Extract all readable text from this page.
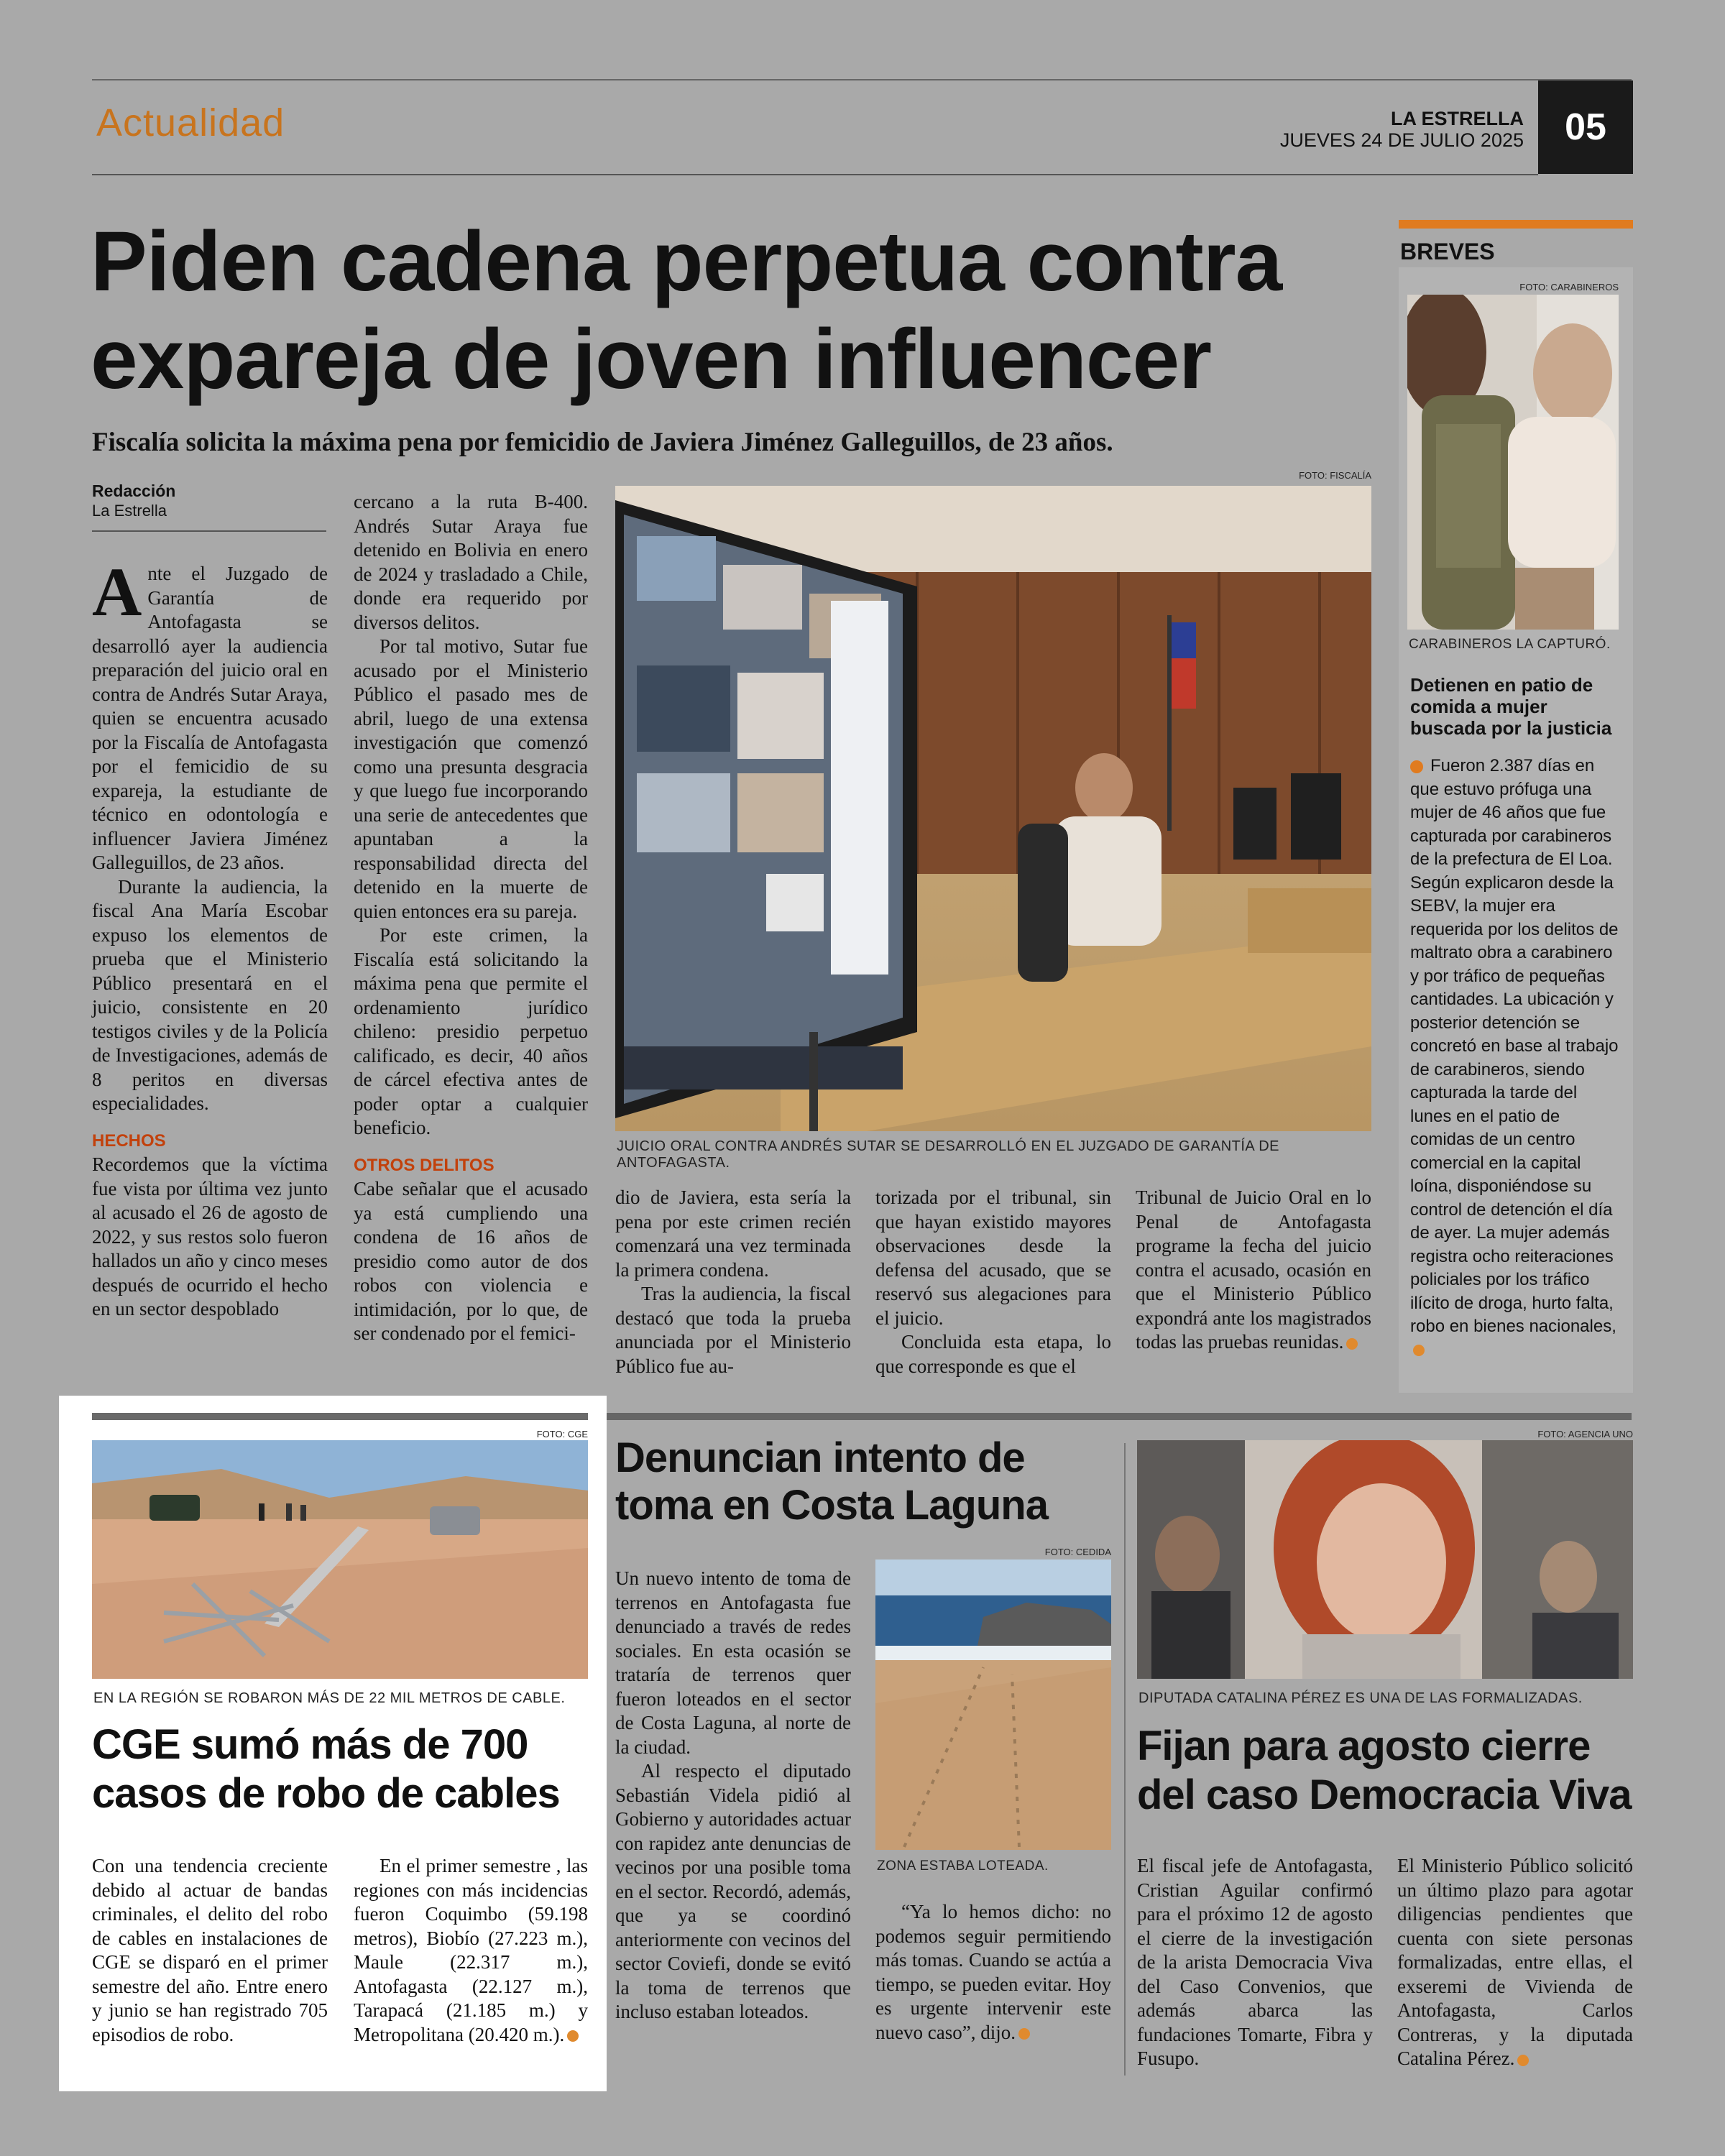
Actualidad	LA ESTRELLA
JUEVES 24 DE JULIO 2025 05
Piden cadena perpetua contra
expareja de joven influencer
Fiscalía solicita la máxima pena por femicidio de Javiera Jiménez Galleguillos, de 23 años.
Redacción
La Estrella

Ante el Juzgado de Garantía de Antofagasta se desarrolló ayer la audiencia preparación del juicio oral en contra de Andrés Sutar Araya, quien se encuentra acusado por la Fiscalía de Antofagasta por el femicidio de su expareja, la estudiante de técnico en odontología e influencer Javiera Jiménez Galleguillos, de 23 años.

Durante la audiencia, la fiscal Ana María Escobar expuso los elementos de prueba que el Ministerio Público presentará en el juicio, consistente en 20 testigos civiles y de la Policía de Investigaciones, además de 8 peritos en diversas especialidades.

HECHOS

Recordemos que la víctima fue vista por última vez junto al acusado el 26 de agosto de 2022, y sus restos solo fueron hallados un año y cinco meses después de ocurrido el hecho en un sector despoblado

cercano a la ruta B-400. Andrés Sutar Araya fue detenido en Bolivia en enero de 2024 y trasladado a Chile, donde era requerido por diversos delitos.

Por tal motivo, Sutar fue acusado por el Ministerio Público el pasado mes de abril, luego de una extensa investigación que comenzó como una presunta desgracia y que luego fue incorporando una serie de antecedentes que apuntaban a la responsabilidad directa del detenido en la muerte de quien entonces era su pareja.

Por este crimen, la Fiscalía está solicitando la máxima pena que permite el ordenamiento jurídico chileno: presidio perpetuo calificado, es decir, 40 años de cárcel efectiva antes de poder optar a cualquier beneficio.

OTROS DELITOS

Cabe señalar que el acusado ya está cumpliendo una condena de 16 años de presidio como autor de dos robos con violencia e intimidación, por lo que, de ser condenado por el femici-

FOTO: FISCALÍA
JUICIO ORAL CONTRA ANDRÉS SUTAR SE DESARROLLÓ EN EL JUZGADO DE GARANTÍA DE ANTOFAGASTA.

dio de Javiera, esta sería la pena por este crimen recién comenzará una vez terminada la primera condena.

Tras la audiencia, la fiscal destacó que toda la prueba anunciada por el Ministerio Público fue au-

torizada por el tribunal, sin que hayan existido mayores observaciones desde la defensa del acusado, que se reservó sus alegaciones para el juicio.

Concluida esta etapa, lo que corresponde es que el

Tribunal de Juicio Oral en lo Penal de Antofagasta programe la fecha del juicio contra el acusado, ocasión en que el Ministerio Público expondrá ante los magistrados todas las pruebas reunidas.

BREVES
FOTO: CARABINEROS
CARABINEROS LA CAPTURÓ.
Detienen en patio de comida a mujer buscada por la justicia
Fueron 2.387 días en que estuvo prófuga una mujer de 46 años que fue capturada por carabineros de la prefectura de El Loa. Según explicaron desde la SEBV, la mujer era requerida por los delitos de maltrato obra a carabinero y por tráfico de pequeñas cantidades. La ubicación y posterior detención se concretó en base al trabajo de carabineros, siendo capturada la tarde del lunes en el patio de comidas de un centro comercial en la capital loína, disponiéndose su control de detención el día de ayer. La mujer además registra ocho reiteraciones policiales por los tráfico ilícito de droga, hurto falta, robo en bienes nacionales,
FOTO: CGE
EN LA REGIÓN SE ROBARON MÁS DE 22 MIL METROS DE CABLE.
CGE sumó más de 700
casos de robo de cables

Con una tendencia creciente debido al actuar de bandas criminales, el delito del robo de cables en instalaciones de CGE se disparó en el primer semestre del año. Entre enero y junio se han registrado 705 episodios de robo.

En el primer semestre , las regiones con más incidencias fueron Coquimbo (59.198 metros), Biobío (27.223 m.), Maule (22.317 m.), Antofagasta (22.127 m.), Tarapacá (21.185 m.) y Metropolitana (20.420 m.).

Denuncian intento de
toma en Costa Laguna

Un nuevo intento de toma de terrenos en Antofagasta fue denunciado a través de redes sociales. En esta ocasión se trataría de terrenos quer fueron loteados en el sector de Costa Laguna, al norte de la ciudad.

Al respecto el diputado Sebastián Videla pidió al Gobierno y autoridades actuar con rapidez ante denuncias de vecinos por una posible toma en el sector. Recordó, además, que ya se coordinó anteriormente con vecinos del sector Coviefi, donde se evitó la toma de terrenos que incluso estaban loteados.

FOTO: CEDIDA
ZONA ESTABA LOTEADA.

“Ya lo hemos dicho: no podemos seguir permitiendo más tomas. Cuando se actúa a tiempo, se pueden evitar. Hoy es urgente intervenir este nuevo caso”, dijo.

FOTO: AGENCIA UNO
DIPUTADA CATALINA PÉREZ ES UNA DE LAS FORMALIZADAS.
Fijan para agosto cierre
del caso Democracia Viva

El fiscal jefe de Antofagasta, Cristian Aguilar confirmó para el próximo 12 de agosto el cierre de la investigación de la arista Democracia Viva del Caso Convenios, que además abarca las fundaciones Tomarte, Fibra y Fusupo.

El Ministerio Público solicitó un último plazo para agotar diligencias pendientes que cuenta con siete personas formalizadas, entre ellas, el exseremi de Vivienda de Antofagasta, Carlos Contreras, y la diputada Catalina Pérez.
